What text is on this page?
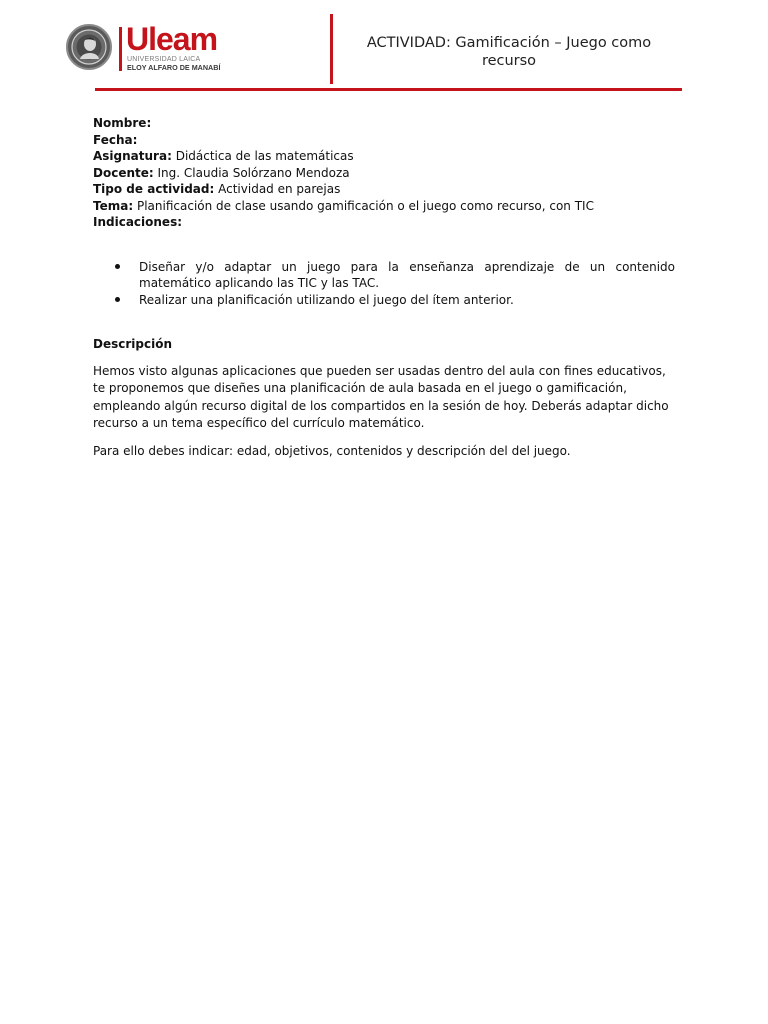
Uleam
UNIVERSIDAD LAICA
ELOY ALFARO DE MANABÍ
ACTIVIDAD: Gamificación – Juego como recurso

Nombre:

Fecha:

Asignatura: Didáctica de las matemáticas

Docente: Ing. Claudia Solórzano Mendoza

Tipo de actividad: Actividad en parejas

Tema: Planificación de clase usando gamificación o el juego como recurso, con TIC

Indicaciones:

Diseñar y/o adaptar un juego para la enseñanza aprendizaje de un contenido matemático aplicando las TIC y las TAC.
Realizar una planificación utilizando el juego del ítem anterior.

Descripción

Hemos visto algunas aplicaciones que pueden ser usadas dentro del aula con fines educativos, te proponemos que diseñes una planificación de aula basada en el juego o gamificación, empleando algún recurso digital de los compartidos en la sesión de hoy. Deberás adaptar dicho recurso a un tema específico del currículo matemático.

Para ello debes indicar: edad, objetivos, contenidos y descripción del del juego.
